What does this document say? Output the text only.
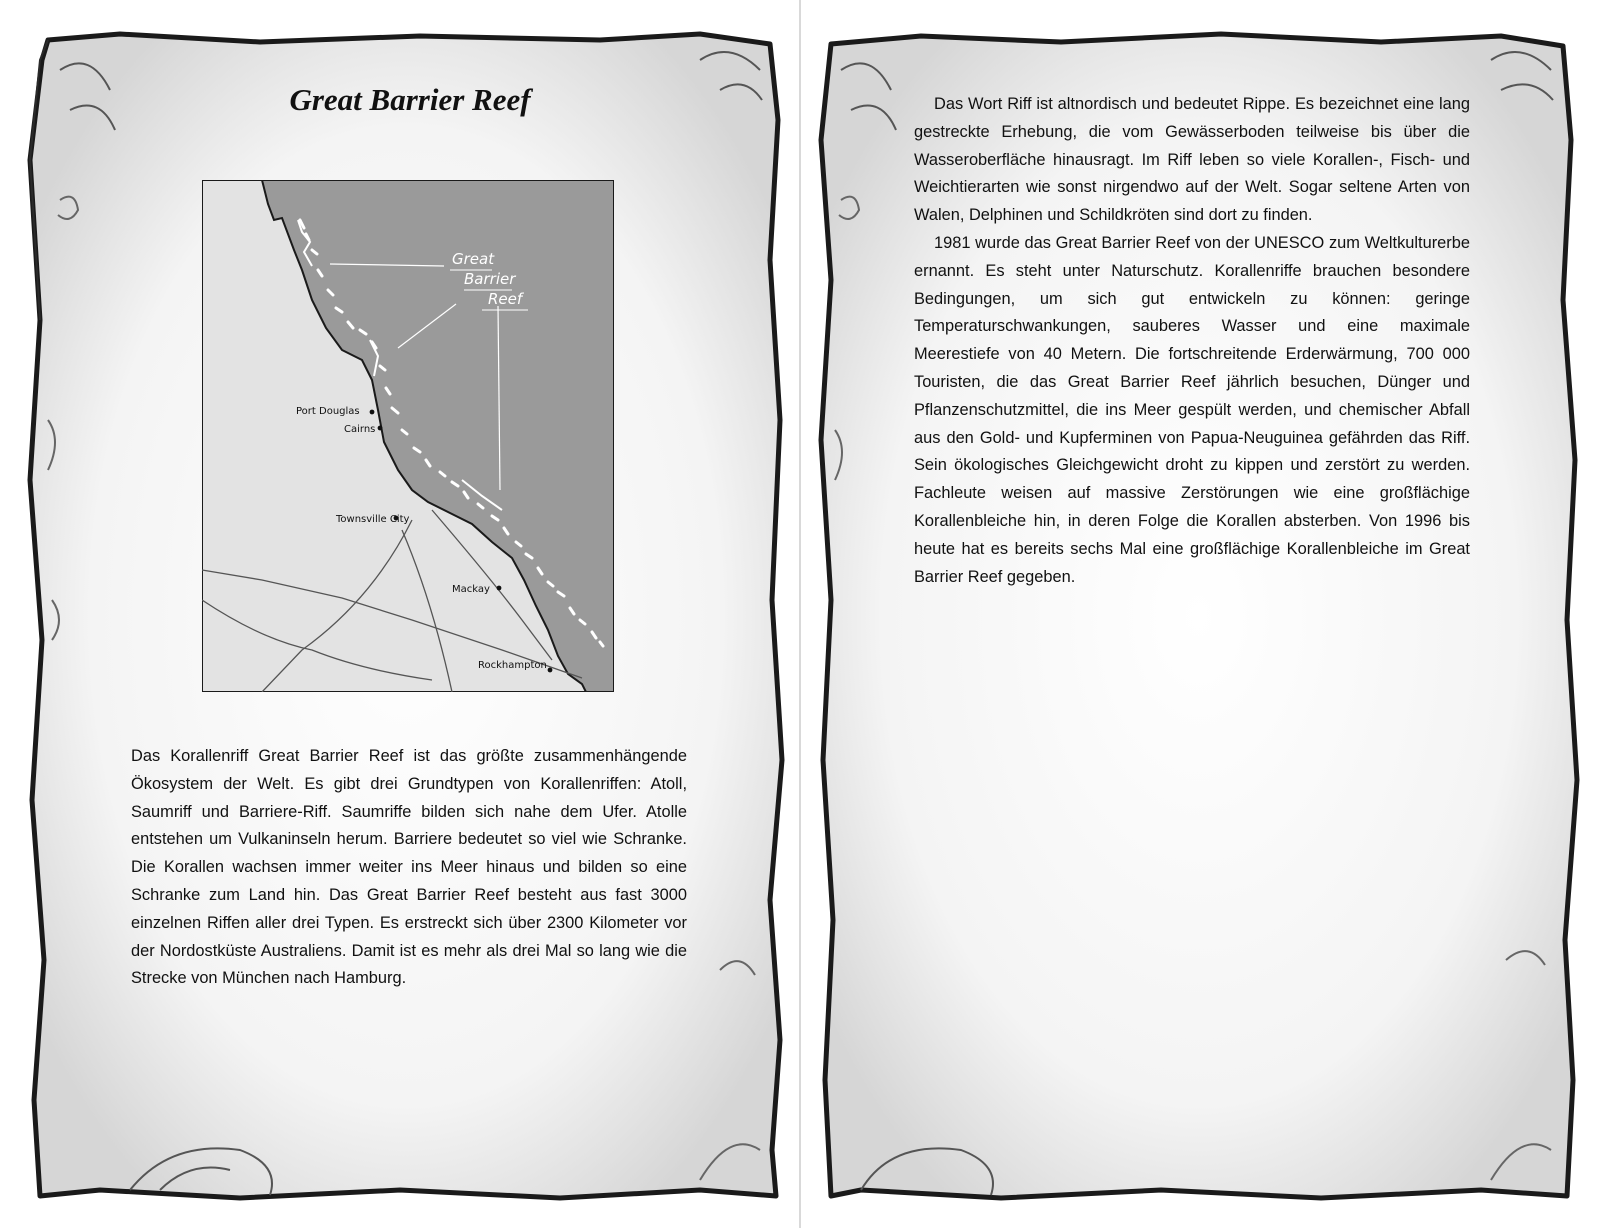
Great Barrier Reef
Great
Barrier
Reef
Port Douglas
Cairns
Townsville City
Mackay
Rockhampton

Das Korallenriff Great Barrier Reef ist das größte zusammenhängende Ökosystem der Welt. Es gibt drei Grundtypen von Korallenriffen: Atoll, Saumriff und Barriere-Riff. Saumriffe bilden sich nahe dem Ufer. Atolle entstehen um Vulkaninseln herum. Barriere bedeutet so viel wie Schranke. Die Korallen wachsen immer weiter ins Meer hinaus und bilden so eine Schranke zum Land hin. Das Great Barrier Reef besteht aus fast 3000 einzelnen Riffen aller drei Typen. Es erstreckt sich über 2300 Kilometer vor der Nordostküste Australiens. Damit ist es mehr als drei Mal so lang wie die Strecke von München nach Hamburg.

Das Wort Riff ist altnordisch und bedeutet Rippe. Es bezeichnet eine lang gestreckte Erhebung, die vom Gewässerboden teilweise bis über die Wasseroberfläche hinausragt. Im Riff leben so viele Korallen-, Fisch- und Weichtierarten wie sonst nirgendwo auf der Welt. Sogar seltene Arten von Walen, Delphinen und Schildkröten sind dort zu finden.

1981 wurde das Great Barrier Reef von der UNESCO zum Weltkulturerbe ernannt. Es steht unter Naturschutz. Korallenriffe brauchen besondere Bedingungen, um sich gut entwickeln zu können: geringe Temperaturschwankungen, sauberes Wasser und eine maximale Meerestiefe von 40 Metern. Die fortschreitende Erderwärmung, 700 000 Touristen, die das Great Barrier Reef jährlich besuchen, Dünger und Pflanzenschutzmittel, die ins Meer gespült werden, und chemischer Abfall aus den Gold- und Kupferminen von Papua-Neuguinea gefährden das Riff. Sein ökologisches Gleichgewicht droht zu kippen und zerstört zu werden. Fachleute weisen auf massive Zerstörungen wie eine großflächige Korallenbleiche hin, in deren Folge die Korallen absterben. Von 1996 bis heute hat es bereits sechs Mal eine großflächige Korallenbleiche im Great Barrier Reef gegeben.
